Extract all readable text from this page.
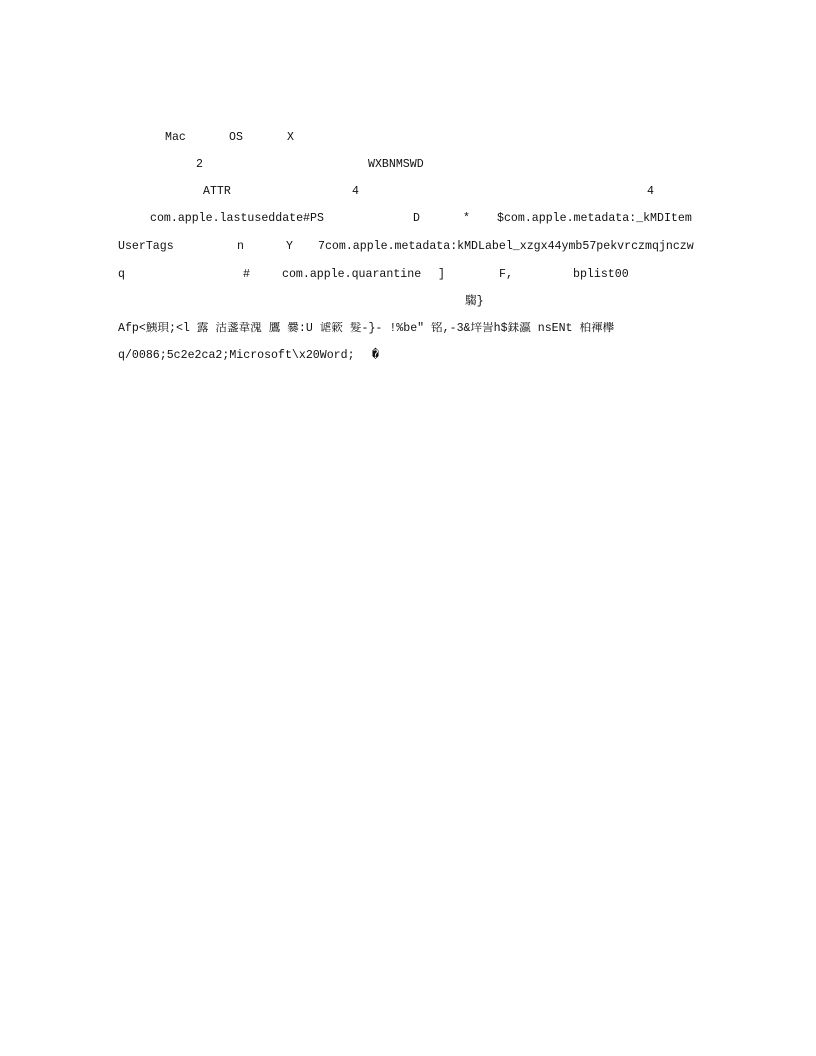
Mac	OS	X
2	WXBNMSWD
ATTR	4	4
com.apple.lastuseddate#PS	D	* $com.apple.metadata:_kMDItem
UserTags	n	Y 7com.apple.metadata:kMDLabel_xzgx44ymb57pekvrczmqjnczw
q	#	com.apple.quarantine ]	F,	bplist00
騶}
Afp<鮧珼;<l 露 沽盞韋溾 鷹 爨:U 谑簌 髮-}- !%be″ 铭,-3&垶訔h$銇瀛 nsENt 柏褌欅
q/0086;5c2e2ca2;Microsoft\x20Word; �
